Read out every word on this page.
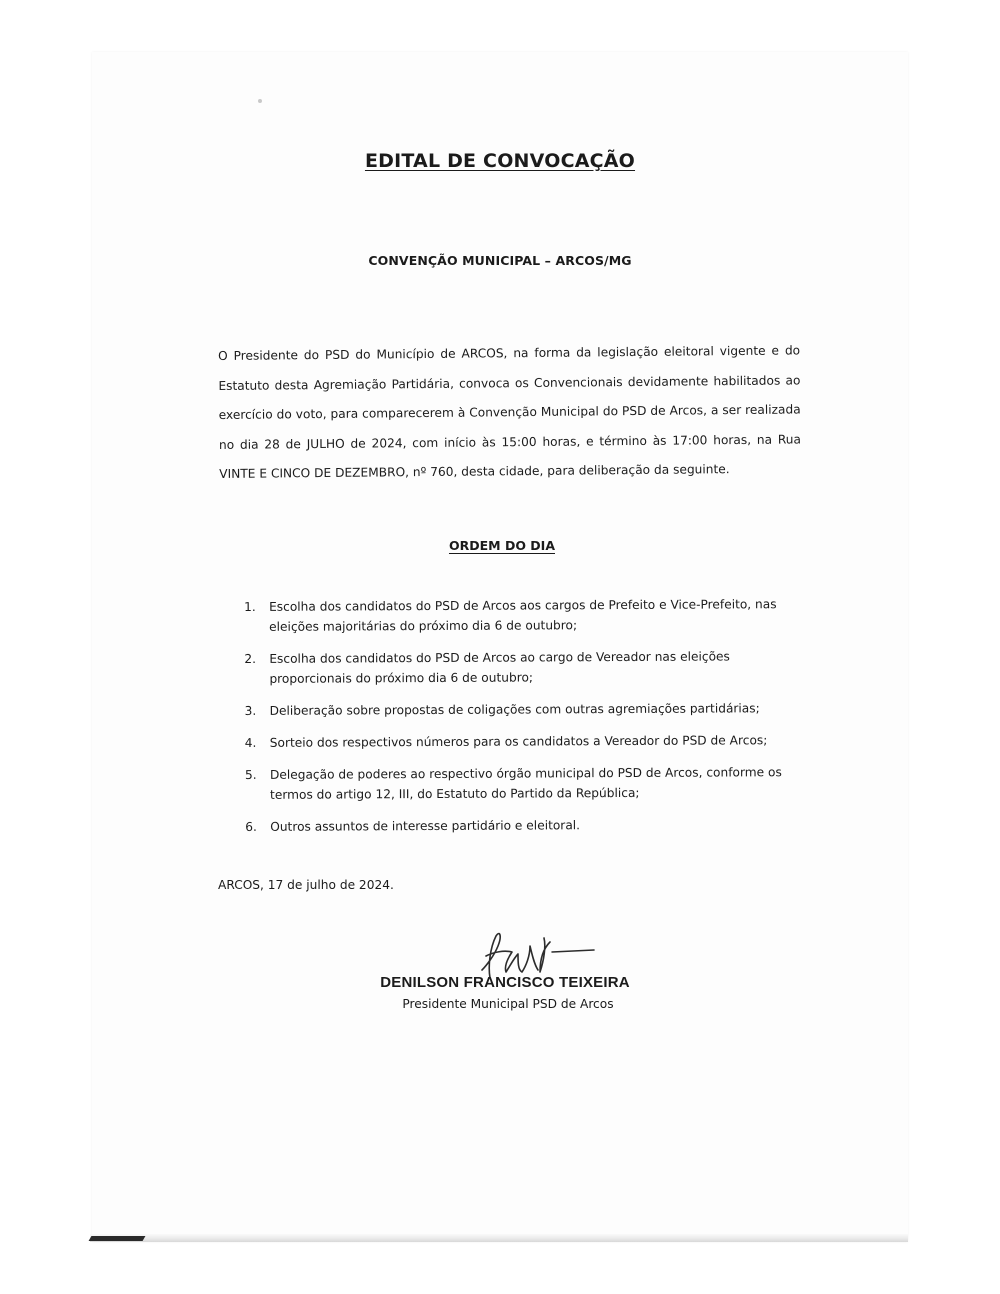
EDITAL DE CONVOCAÇÃO
CONVENÇÃO MUNICIPAL – ARCOS/MG

O Presidente do PSD do Município de ARCOS, na forma da legislação eleitoral vigente e do Estatuto desta Agremiação Partidária, convoca os Convencionais devidamente habilitados ao exercício do voto, para comparecerem à Convenção Municipal do PSD de Arcos, a ser realizada no dia 28 de JULHO de 2024, com início às 15:00 horas, e término às 17:00 horas, na Rua VINTE E CINCO DE DEZEMBRO, nº 760, desta cidade, para deliberação da seguinte.

ORDEM DO DIA
1. Escolha dos candidatos do PSD de Arcos aos cargos de Prefeito e Vice-Prefeito, nas eleições majoritárias do próximo dia 6 de outubro;
2. Escolha dos candidatos do PSD de Arcos ao cargo de Vereador nas eleições proporcionais do próximo dia 6 de outubro;
3. Deliberação sobre propostas de coligações com outras agremiações partidárias;
4. Sorteio dos respectivos números para os candidatos a Vereador do PSD de Arcos;
5. Delegação de poderes ao respectivo órgão municipal do PSD de Arcos, conforme os termos do artigo 12, III, do Estatuto do Partido da República;
6. Outros assuntos de interesse partidário e eleitoral.
ARCOS, 17 de julho de 2024.
DENILSON FRANCISCO TEIXEIRA
Presidente Municipal PSD de Arcos
